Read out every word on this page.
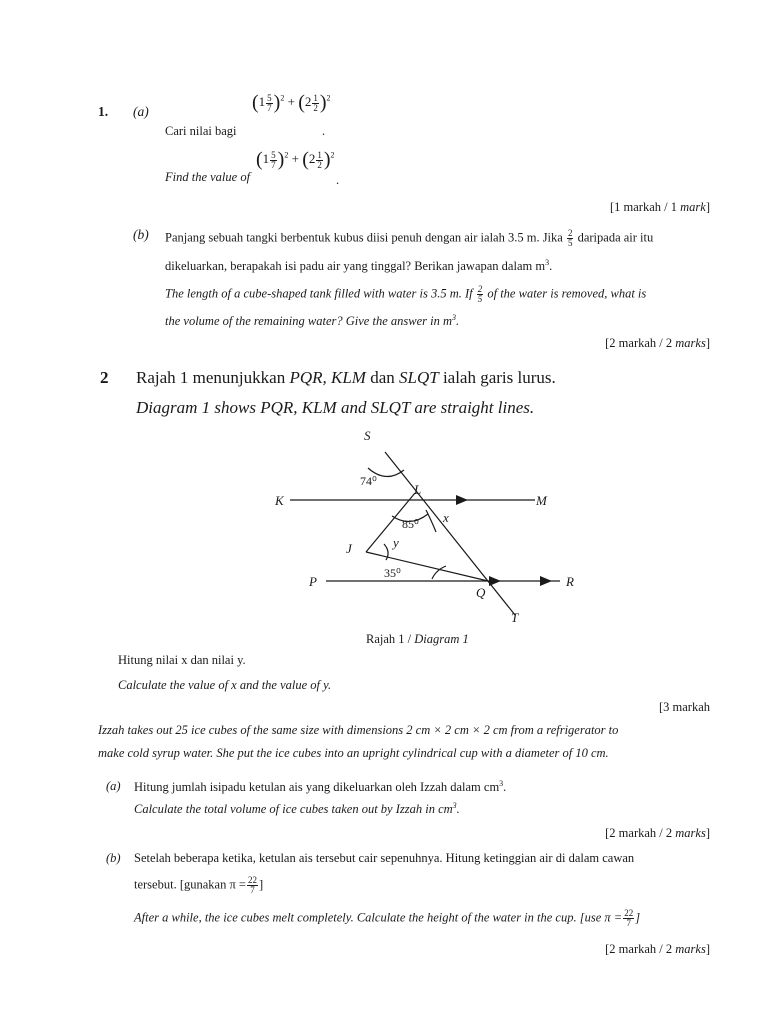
1. (a)	$(1 \frac{5}{7} )^2 + (2 \frac{1}{2} )^2$
.
Cari nilai bagi
Find the value of
$(1 \frac{5}{7} )^2 + (2 \frac{1}{2} )^2$
.
[1 markah / 1 mark]
(b) Panjang sebuah tangki berbentuk kubus diisi penuh dengan air ialah 3.5 m. Jika $\frac{2}{5}$ daripada air itu
dikeluarkan, berapakah isi padu air yang tinggal? Berikan jawapan dalam $m^3$.
The length of a cube-shaped tank filled with water is 3.5 m. If $\frac{2}{5}$ of the water is removed, what is
the volume of the remaining water? Give the answer in $m^3$.
[2 markah / 2 marks]
2 Rajah 1 menunjukkan PQR, KLM dan SLQT ialah garis lurus.
Diagram 1 shows PQR, KLM and SLQT are straight lines.
S
K	M
L
J
P
Q
R
T
x
y
74⁰
85⁰
35⁰
Rajah 1 / Diagram 1
Hitung nilai x dan nilai y.
Calculate the value of x and the value of y.
[3 markah
Izzah takes out 25 ice cubes of the same size with dimensions 2 cm × 2 cm × 2 cm from a refrigerator to
make cold syrup water. She put the ice cubes into an upright cylindrical cup with a diameter of 10 cm.
(a) Hitung jumlah isipadu ketulan ais yang dikeluarkan oleh Izzah dalam $cm^3$.
Calculate the total volume of ice cubes taken out by Izzah in $cm^3$.
[2 markah / 2 marks]
(b) Setelah beberapa ketika, ketulan ais tersebut cair sepenuhnya. Hitung ketinggian air di dalam cawan
tersebut. [gunakan $\pi = \frac{22}{7}$ ]
After a while, the ice cubes melt completely. Calculate the height of the water in the cup. [use $\pi = \frac{22}{7}$ ]
[2 markah / 2 marks]
